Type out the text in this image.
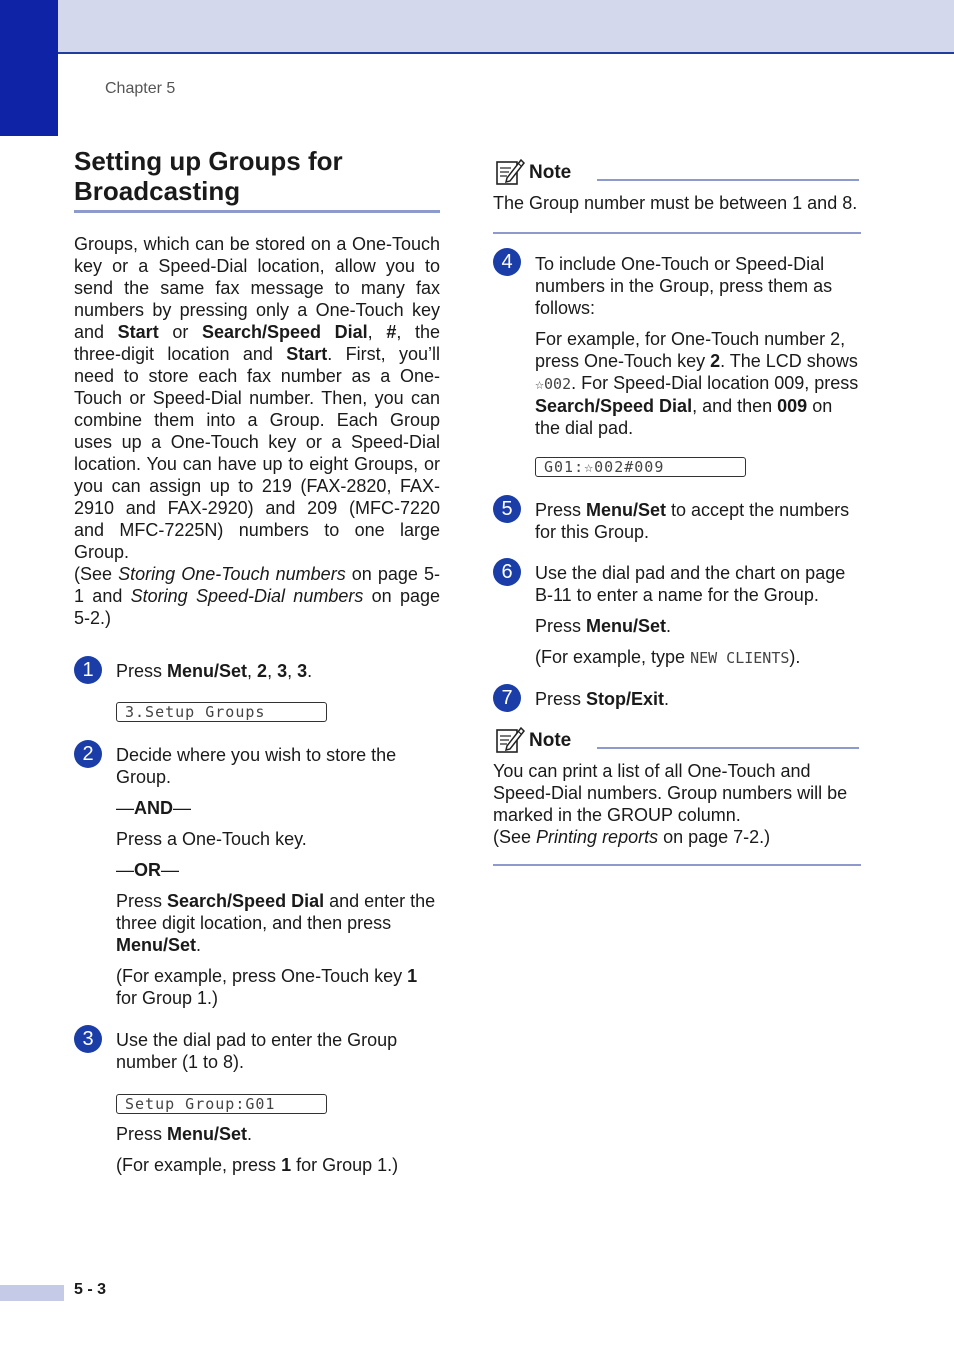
Chapter 5
Setting up Groups for
Broadcasting

Groups, which can be stored on a One-Touch key or a Speed-Dial location, allow you to send the same fax message to many fax numbers by pressing only a One-Touch key and Start or Search/Speed Dial, #, the three-digit location and Start. First, you’ll need to store each fax number as a One-Touch or Speed-Dial number. Then, you can combine them into a Group. Each Group uses up a One-Touch key or a Speed-Dial location. You can have up to eight Groups, or you can assign up to 219 (FAX-2820, FAX-2910 and FAX-2920) and 209 (MFC-7220 and MFC-7225N) numbers to one large Group.
(See Storing One-Touch numbers on page 5-1 and Storing Speed-Dial numbers on page 5-2.)

1	Press Menu/Set, 2, 3, 3.

3.Setup Groups
2	Decide where you wish to store the Group.

—AND—

Press a One-Touch key.

—OR—

Press Search/Speed Dial and enter the three digit location, and then press Menu/Set.

(For example, press One-Touch key 1 for Group 1.)

3	Use the dial pad to enter the Group number (1 to 8).

Setup Group:G01

Press Menu/Set.

(For example, press 1 for Group 1.)

Note

The Group number must be between 1 and 8.

4	To include One-Touch or Speed-Dial numbers in the Group, press them as follows:

For example, for One-Touch number 2, press One-Touch key 2. The LCD shows ☆002. For Speed-Dial location 009, press Search/Speed Dial, and then 009 on the dial pad.

G01:☆002#009
5	Press Menu/Set to accept the numbers for this Group.

6	Use the dial pad and the chart on page B-11 to enter a name for the Group.

Press Menu/Set.

(For example, type NEW CLIENTS).

7	Press Stop/Exit.

Note

You can print a list of all One-Touch and Speed-Dial numbers. Group numbers will be marked in the GROUP column.
(See Printing reports on page 7-2.)

5 - 3
